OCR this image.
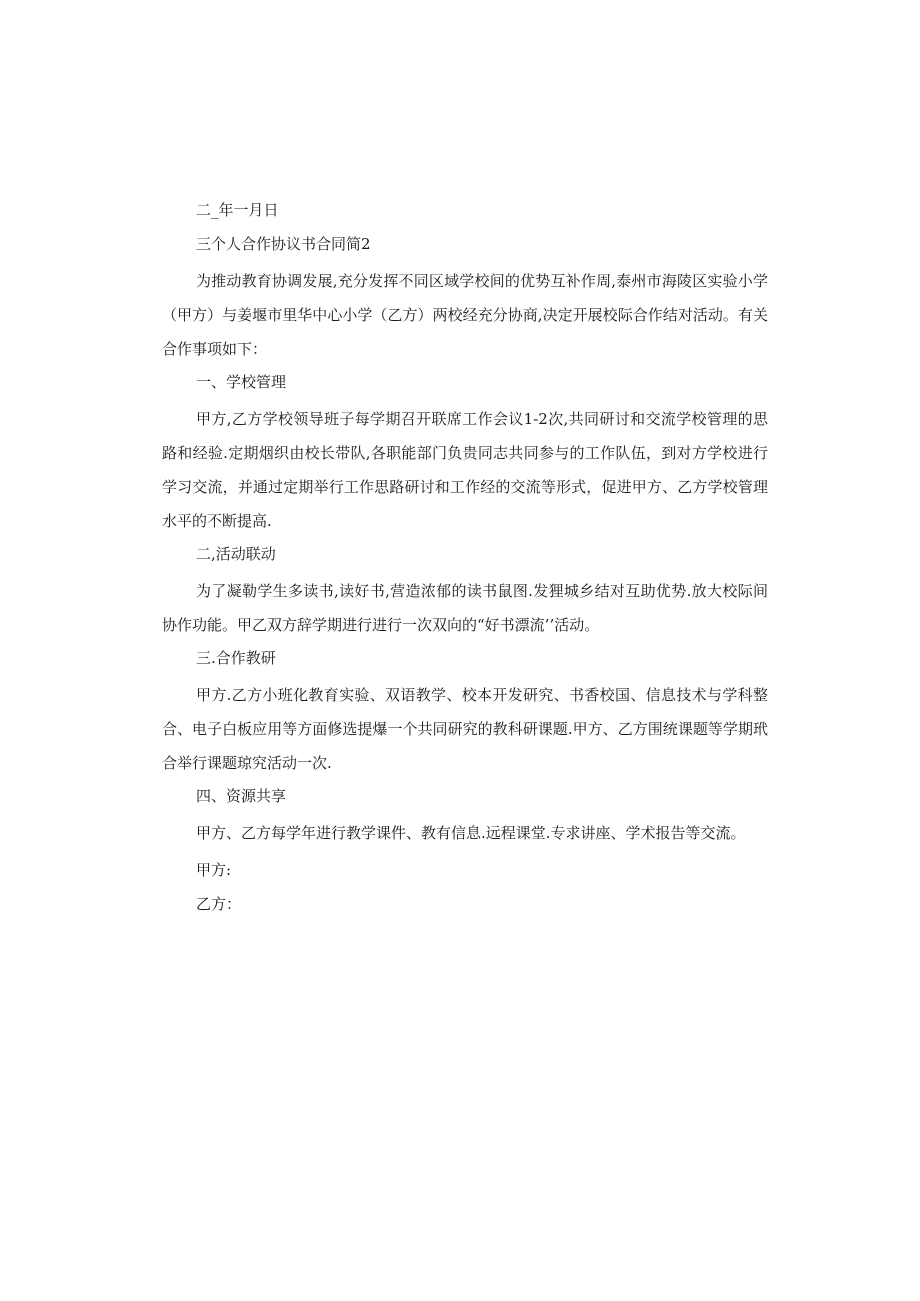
二_年一月日
三个人合作协议书合同简2
为推动教育协调发展,充分发挥不同区域学校间的优势互补作周,泰州市海陵区实验小学（甲方）与姜堰市里华中心小学（乙方）两校经充分协商,决定开展校际合作结对活动。有关合作事项如下：
一、学校管理
甲方,乙方学校领导班子每学期召开联席工作会议1-2次,共同研讨和交流学校管理的思路和经验.定期烟织由校长带队,各职能部门负贵同志共同参与的工作队伍，到对方学校进行学习交流，并通过定期举行工作思路研讨和工作经的交流等形式，促进甲方、乙方学校管理水平的不断提高.
二,活动联动
为了凝勒学生多读书,读好书,营造浓郁的读书鼠图.发狸城乡结对互助优势.放大校际间协作功能。甲乙双方辞学期进行进行一次双向的“好书漂流’’活动。
三.合作教研
甲方.乙方小班化教育实验、双语教学、校本开发研究、书香校国、信息技术与学科整合、电子白板应用等方面修选提爆一个共同研究的教科研课题.甲方、乙方围统课题等学期玳合举行课题琼究活动一次.
四、资源共享
甲方、乙方每学年进行教学课件、教有信息.远程课堂.专求讲座、学术报告等交流。
甲方:
乙方：
